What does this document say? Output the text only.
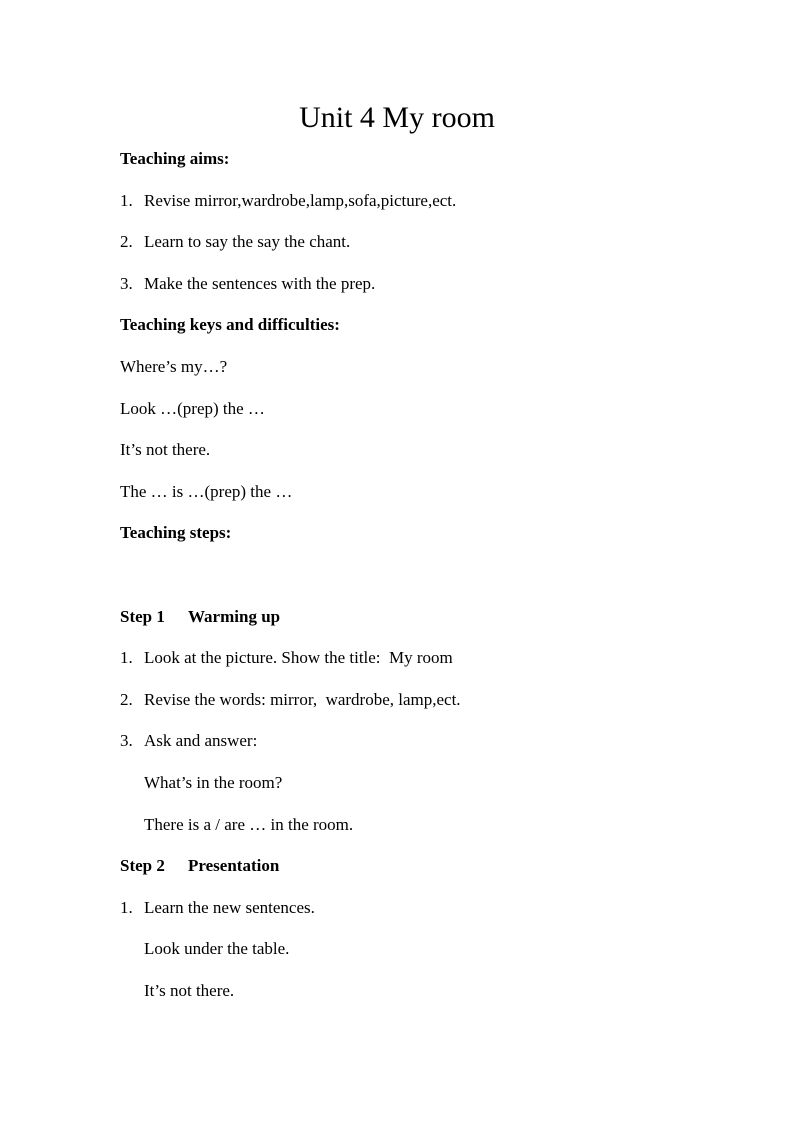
Unit 4 My room

Teaching aims:

1. Revise mirror,wardrobe,lamp,sofa,picture,ect.

2. Learn to say the say the chant.

3. Make the sentences with the prep.

Teaching keys and difficulties:

Where’s my…?

Look …(prep) the …

It’s not there.

The … is …(prep) the …

Teaching steps:

Step 1 Warming up

1. Look at the picture. Show the title:  My room

2. Revise the words: mirror,  wardrobe, lamp,ect.

3. Ask and answer:

What’s in the room?

There is a / are … in the room.

Step 2 Presentation

1. Learn the new sentences.

Look under the table.

It’s not there.
